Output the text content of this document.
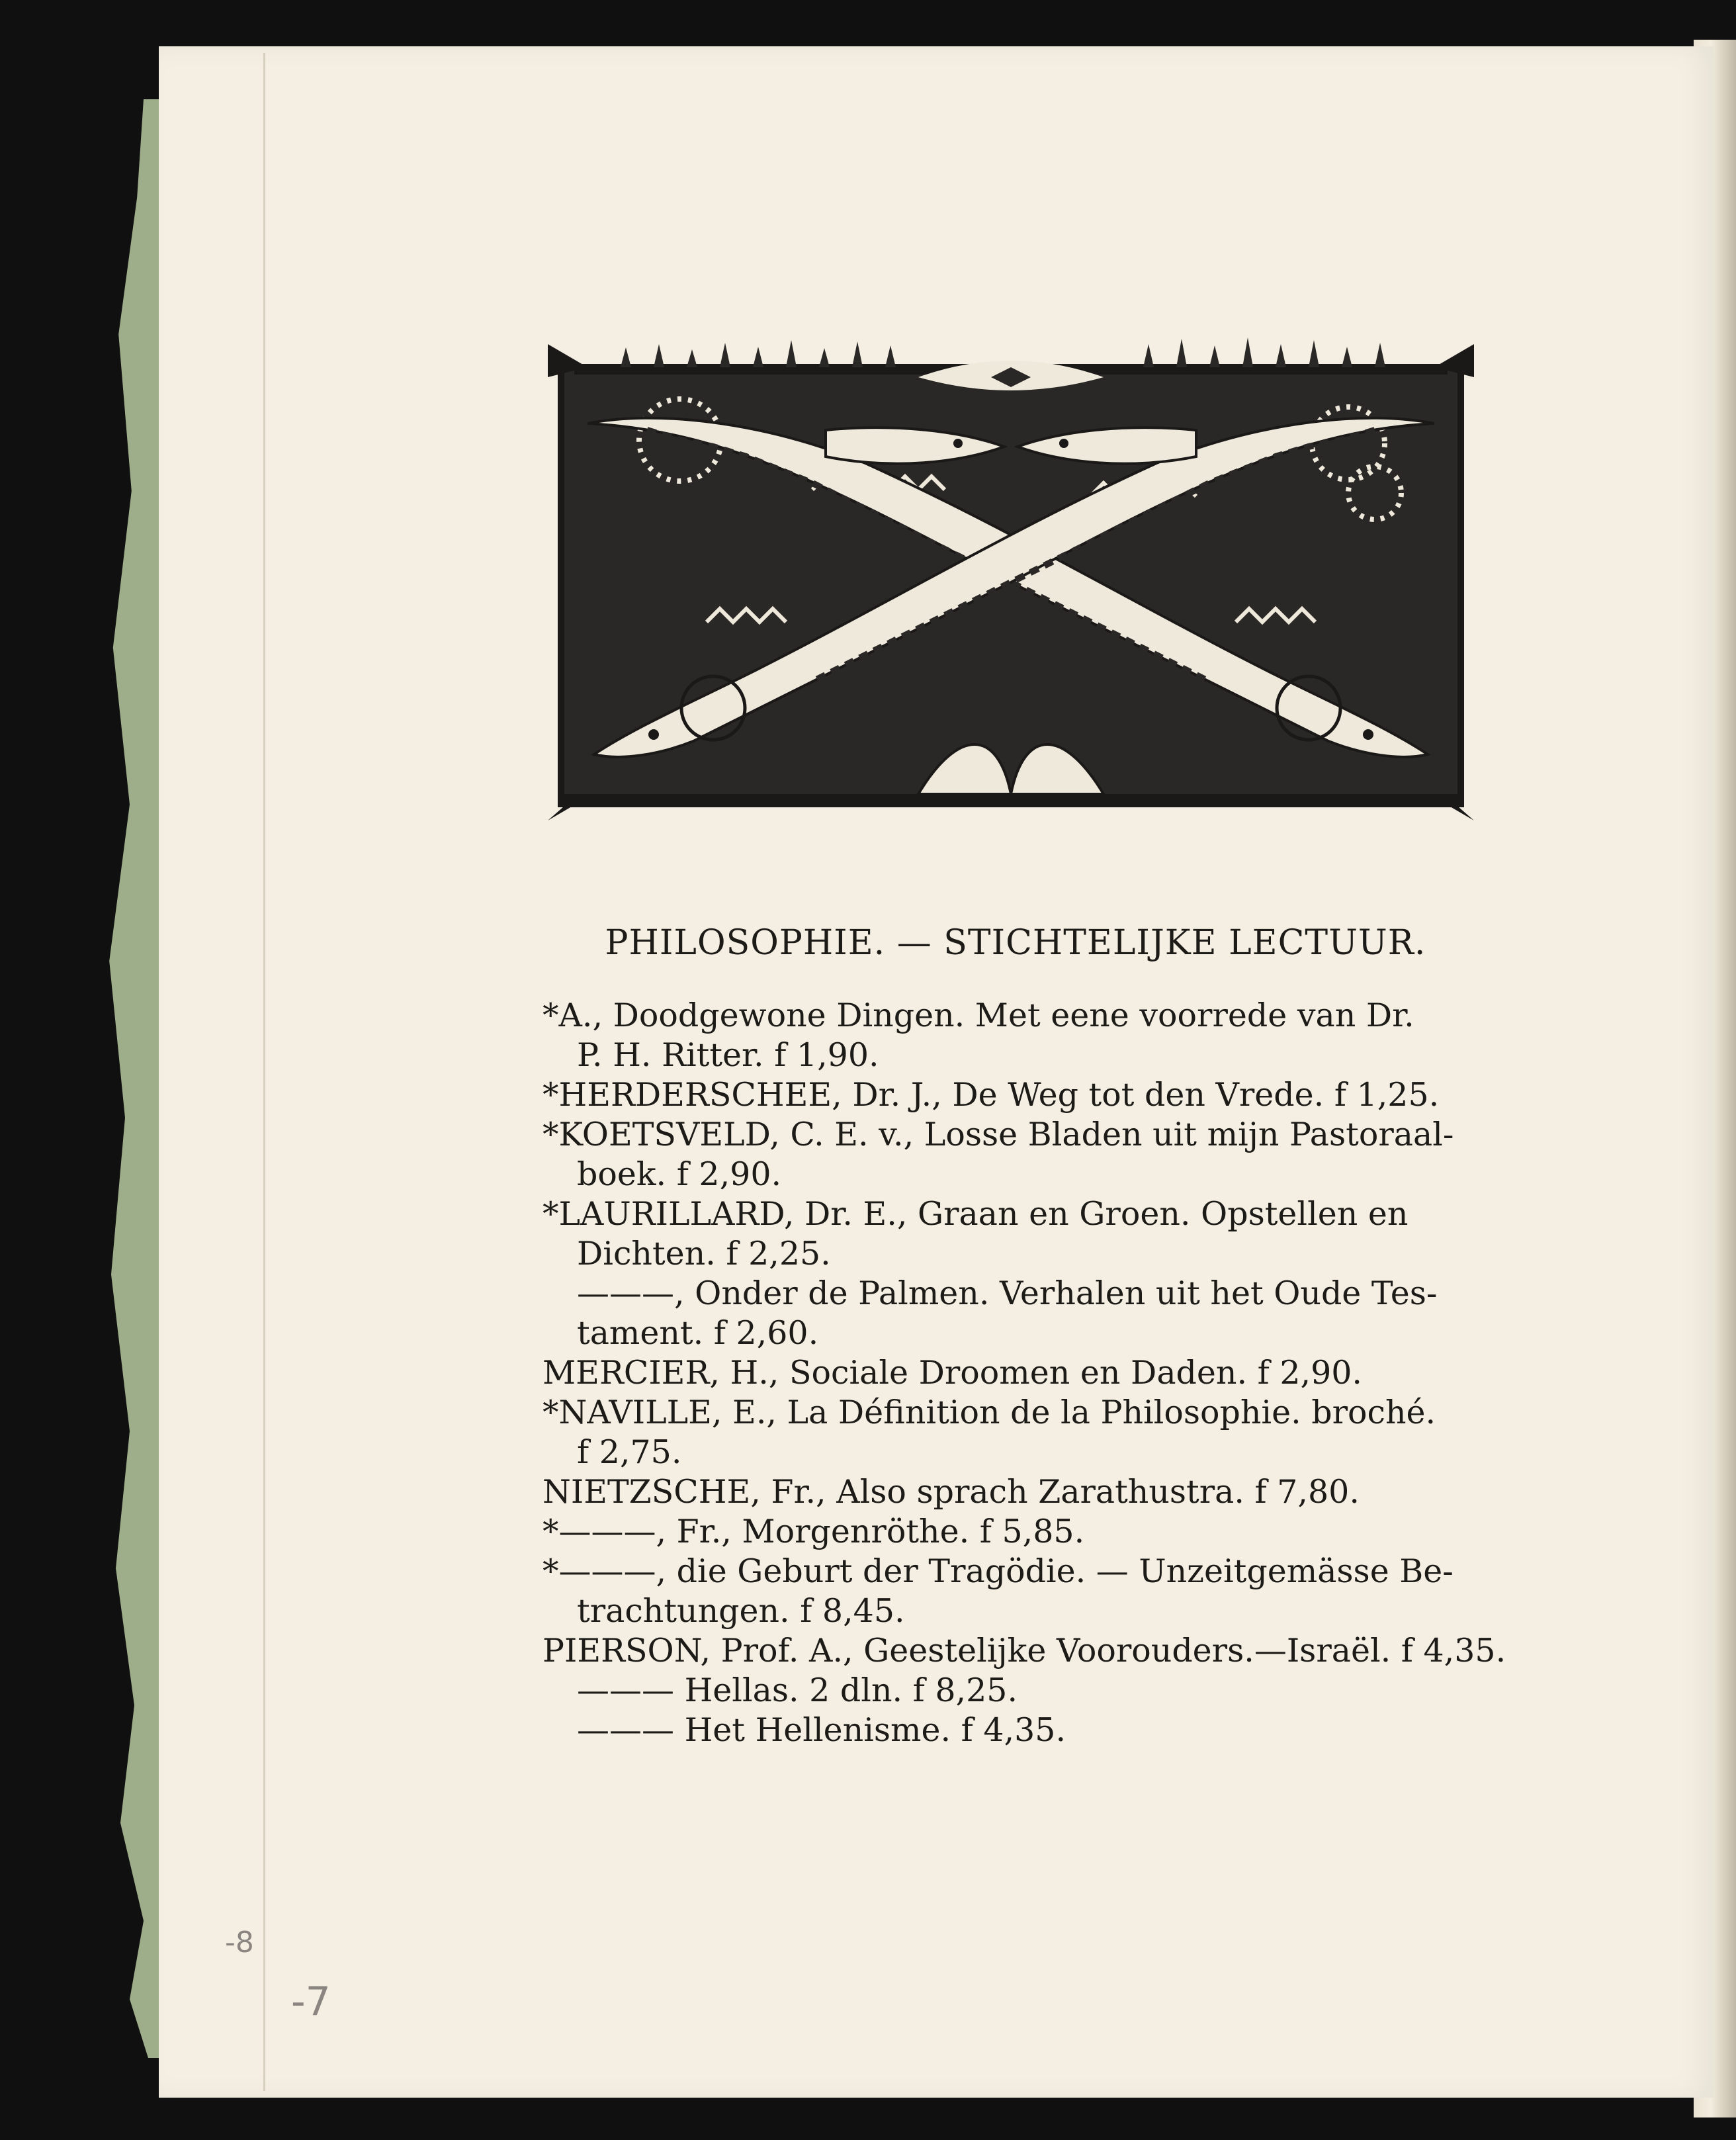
PHILOSOPHIE. — STICHTELIJKE LECTUUR.
*A., Doodgewone Dingen. Met eene voorrede van Dr.
P. H. Ritter. f 1,90.
*HERDERSCHEE, Dr. J., De Weg tot den Vrede. f 1,25.
*KOETSVELD, C. E. v., Losse Bladen uit mijn Pastoraal-
boek. f 2,90.
*LAURILLARD, Dr. E., Graan en Groen. Opstellen en
Dichten. f 2,25.
———, Onder de Palmen. Verhalen uit het Oude Tes-
tament. f 2,60.
MERCIER, H., Sociale Droomen en Daden. f 2,90.
*NAVILLE, E., La Définition de la Philosophie. broché.
f 2,75.
NIETZSCHE, Fr., Also sprach Zarathustra. f 7,80.
*———, Fr., Morgenröthe. f 5,85.
*———, die Geburt der Tragödie. — Unzeitgemässe Be-
trachtungen. f 8,45.
PIERSON, Prof. A., Geestelijke Voorouders.—Israël. f 4,35.
——— Hellas. 2 dln. f 8,25.
——— Het Hellenisme. f 4,35.
-8
-7
